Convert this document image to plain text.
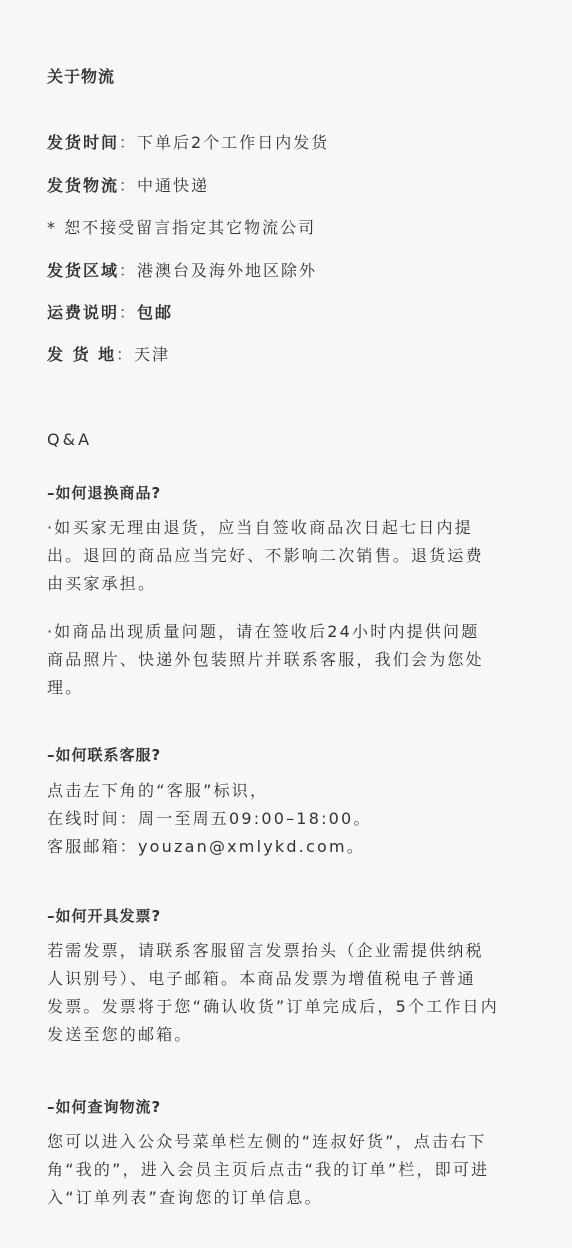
关于物流
发货时间：下单后2个工作日内发货
发货物流：中通快递
* 恕不接受留言指定其它物流公司
发货区域：港澳台及海外地区除外
运费说明：包邮
发 货 地：天津
Q&A
–如何退换商品?
·如买家无理由退货，应当自签收商品次日起七日内提
出。退回的商品应当完好、不影响二次销售。退货运费
由买家承担。
·如商品出现质量问题，请在签收后24小时内提供问题
商品照片、快递外包装照片并联系客服，我们会为您处
理。
–如何联系客服?
点击左下角的“客服”标识，
在线时间：周一至周五09:00–18:00。
客服邮箱：youzan@xmlykd.com。
–如何开具发票?
若需发票，请联系客服留言发票抬头（企业需提供纳税
人识别号）、电子邮箱。本商品发票为增值税电子普通
发票。发票将于您“确认收货”订单完成后，5个工作日内
发送至您的邮箱。
–如何查询物流?
您可以进入公众号菜单栏左侧的“连叔好货”，点击右下
角“我的”，进入会员主页后点击“我的订单”栏，即可进
入“订单列表”查询您的订单信息。
